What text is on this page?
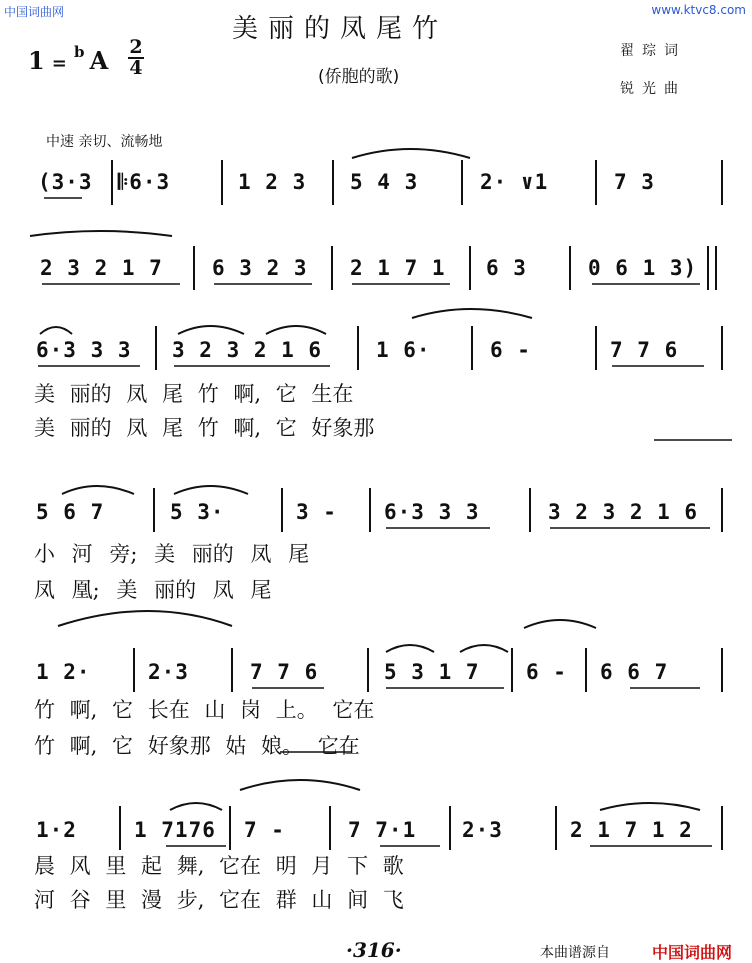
中国词曲网	www.ktvc8.com
美丽的凤尾竹
(侨胞的歌)
1 = b A 2
4
翟琮词
锐光曲
中速 亲切、流畅地
(3·3 𝄆6·3	1 2 3 5 4 3	2· ∨1	7 3
2 3 2 1 7 6 3 2 3 2 1 7 1 6 3	0 6 1 3)
6·3 3 3 3 2 3 2 1 6	1 6·	6 -	7 7 6
美 丽的 凤 尾 竹 啊, 它 生在
美 丽的 凤 尾 竹 啊, 它 好象那
5 6 7	5 3·	3 - 6·3 3 3	3 2 3 2 1 6
小 河 旁; 美 丽的 凤 尾
凤 凰; 美 丽的 凤 尾
1 2·	2·3	7 7 6	5 3 1 7 6 - 6 6 7
竹 啊, 它 长在 山 岗 上。 它在
竹 啊, 它 好象那 姑 娘。 它在
1·2	1 7176 7 -	7 7·1 2·3	2 1 7 1 2
晨 风 里 起 舞, 它在 明 月 下 歌
河 谷 里 漫 步, 它在 群 山 间 飞
·316·	本曲谱源自	中国词曲网
